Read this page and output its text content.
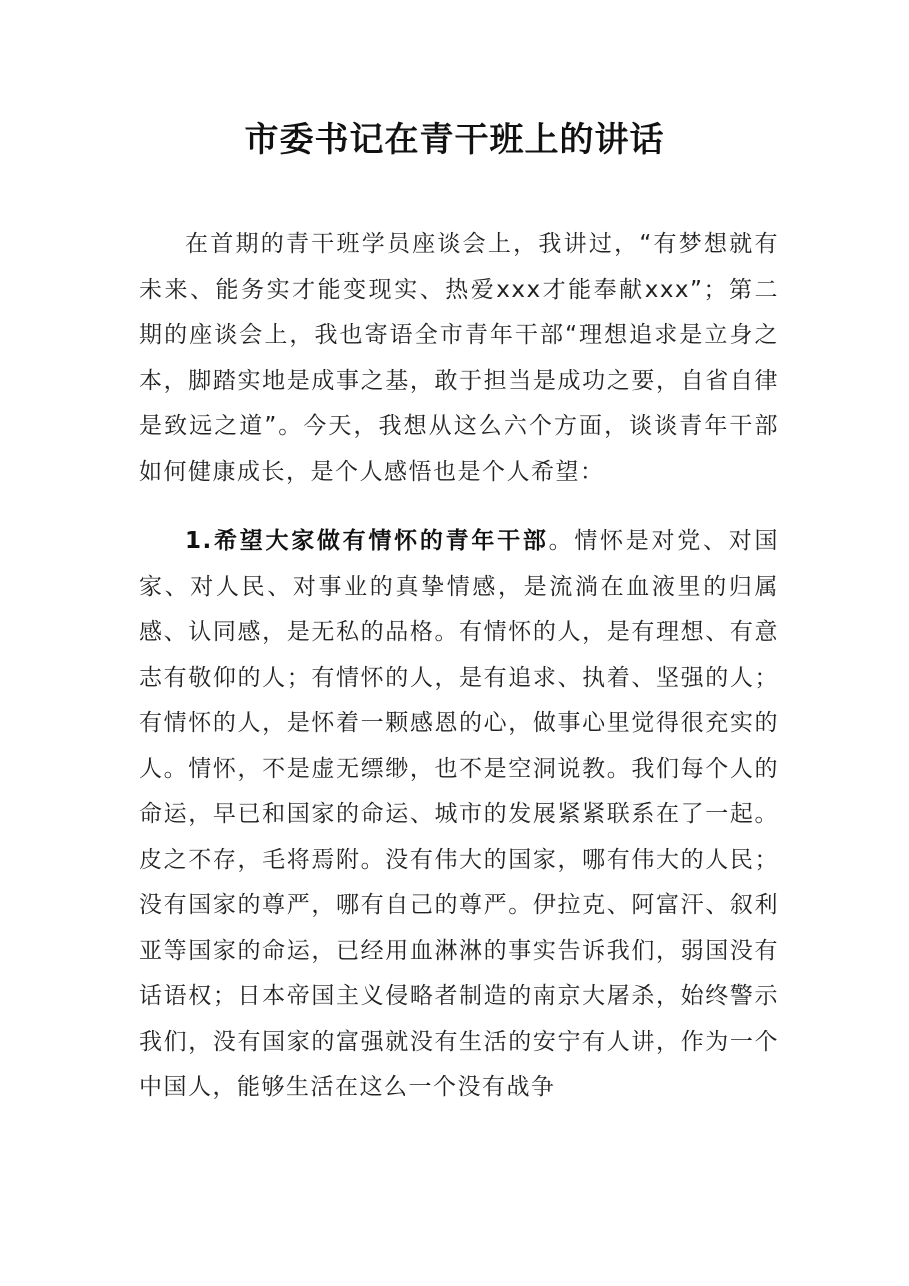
市委书记在青干班上的讲话

在首期的青干班学员座谈会上，我讲过，“有梦想就有未来、能务实才能变现实、热爱xxx才能奉献xxx”；第二期的座谈会上，我也寄语全市青年干部“理想追求是立身之本，脚踏实地是成事之基，敢于担当是成功之要，自省自律是致远之道”。今天，我想从这么六个方面，谈谈青年干部如何健康成长，是个人感悟也是个人希望：

1.希望大家做有情怀的青年干部。情怀是对党、对国家、对人民、对事业的真挚情感，是流淌在血液里的归属感、认同感，是无私的品格。有情怀的人，是有理想、有意志有敬仰的人；有情怀的人，是有追求、执着、坚强的人；有情怀的人，是怀着一颗感恩的心，做事心里觉得很充实的人。情怀，不是虚无缥缈，也不是空洞说教。我们每个人的命运，早已和国家的命运、城市的发展紧紧联系在了一起。皮之不存，毛将焉附。没有伟大的国家，哪有伟大的人民；没有国家的尊严，哪有自己的尊严。伊拉克、阿富汗、叙利亚等国家的命运，已经用血淋淋的事实告诉我们，弱国没有话语权；日本帝国主义侵略者制造的南京大屠杀，始终警示我们，没有国家的富强就没有生活的安宁有人讲，作为一个中国人，能够生活在这么一个没有战争
